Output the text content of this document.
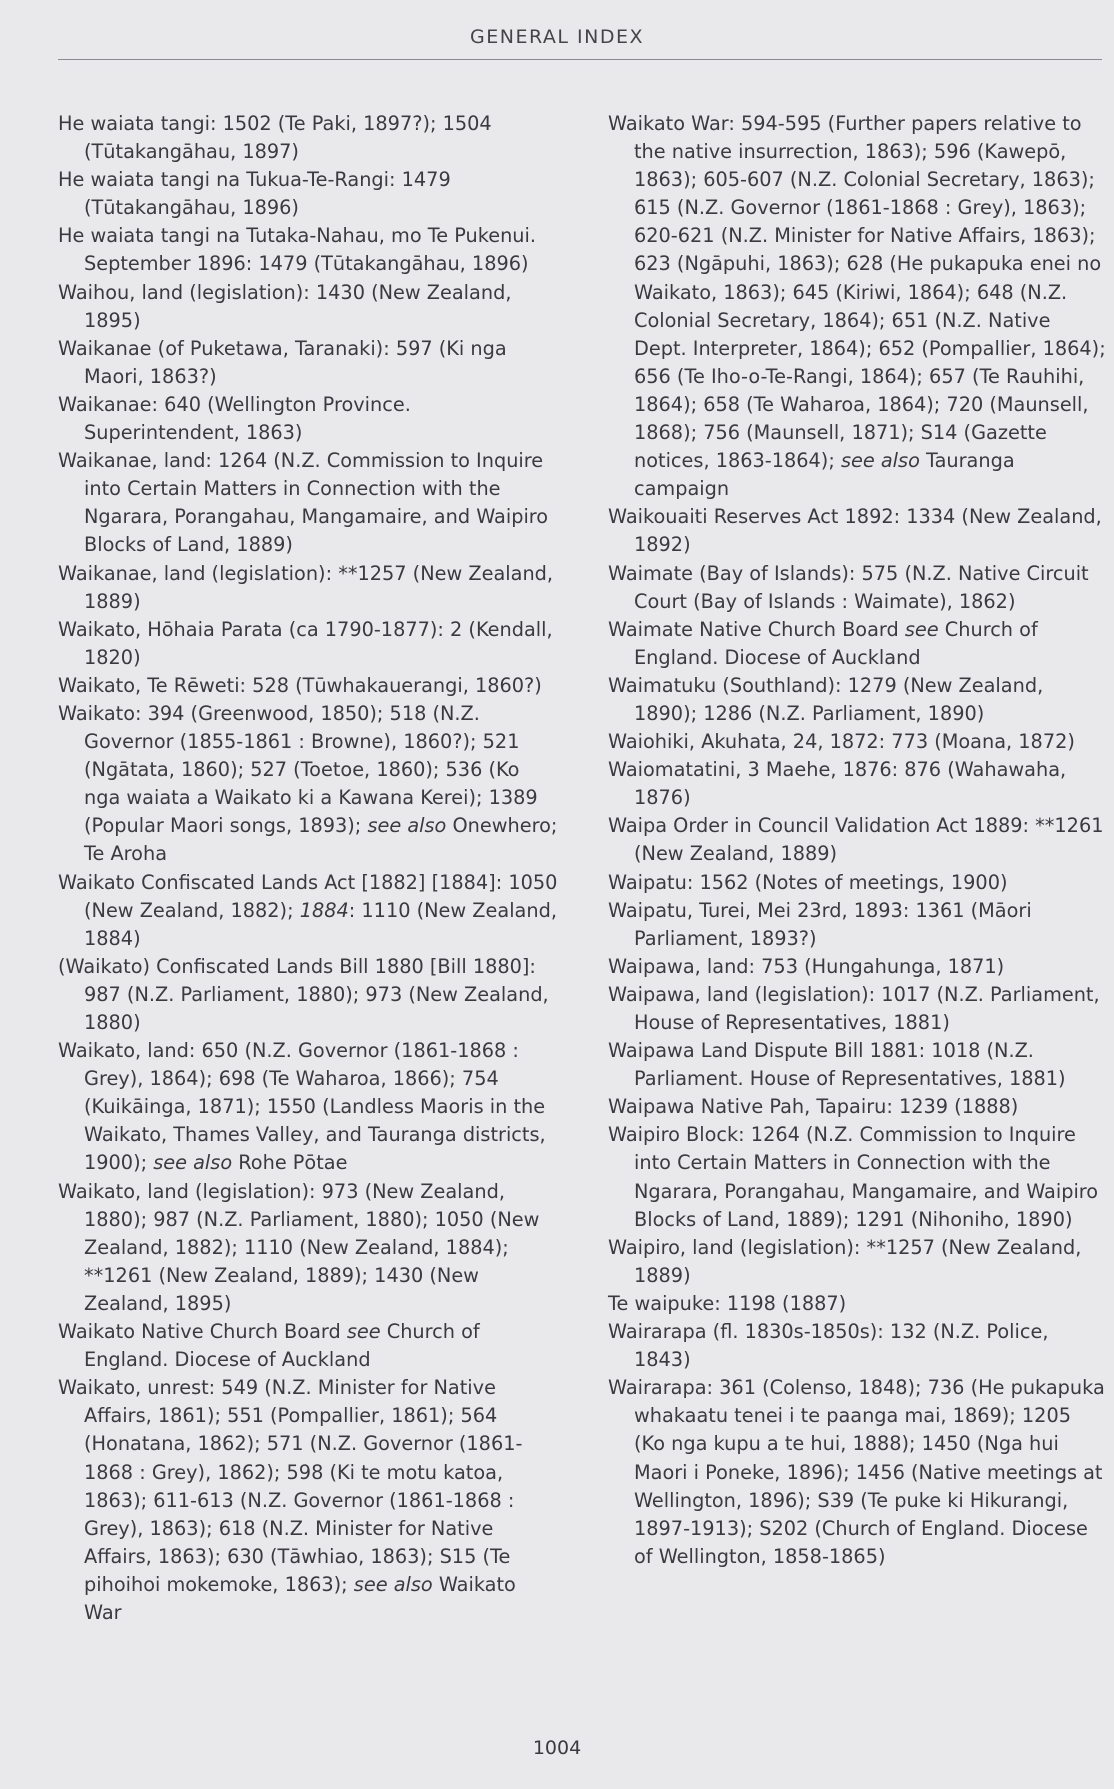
GENERAL INDEX
He waiata tangi: 1502 (Te Paki, 1897?); 1504 (Tūtakangāhau, 1897)
He waiata tangi na Tukua-Te-Rangi: 1479 (Tūtakangāhau, 1896)
He waiata tangi na Tutaka-Nahau, mo Te Pukenui. September 1896: 1479 (Tūtakangāhau, 1896)
Waihou, land (legislation): 1430 (New Zealand, 1895)
Waikanae (of Puketawa, Taranaki): 597 (Ki nga Maori, 1863?)
Waikanae: 640 (Wellington Province. Superintendent, 1863)
Waikanae, land: 1264 (N.Z. Commission to Inquire into Certain Matters in Connection with the Ngarara, Porangahau, Mangamaire, and Waipiro Blocks of Land, 1889)
Waikanae, land (legislation): **1257 (New Zealand, 1889)
Waikato, Hōhaia Parata (ca 1790-1877): 2 (Kendall, 1820)
Waikato, Te Rēweti: 528 (Tūwhakauerangi, 1860?)
Waikato: 394 (Greenwood, 1850); 518 (N.Z. Governor (1855-1861 : Browne), 1860?); 521 (Ngātata, 1860); 527 (Toetoe, 1860); 536 (Ko nga waiata a Waikato ki a Kawana Kerei); 1389 (Popular Maori songs, 1893); see also Onewhero; Te Aroha
Waikato Confiscated Lands Act [1882] [1884]: 1050 (New Zealand, 1882); 1884: 1110 (New Zealand, 1884)
(Waikato) Confiscated Lands Bill 1880 [Bill 1880]: 987 (N.Z. Parliament, 1880); 973 (New Zealand, 1880)
Waikato, land: 650 (N.Z. Governor (1861-1868 : Grey), 1864); 698 (Te Waharoa, 1866); 754 (Kuikāinga, 1871); 1550 (Landless Maoris in the Waikato, Thames Valley, and Tauranga districts, 1900); see also Rohe Pōtae
Waikato, land (legislation): 973 (New Zealand, 1880); 987 (N.Z. Parliament, 1880); 1050 (New Zealand, 1882); 1110 (New Zealand, 1884); **1261 (New Zealand, 1889); 1430 (New Zealand, 1895)
Waikato Native Church Board see Church of England. Diocese of Auckland
Waikato, unrest: 549 (N.Z. Minister for Native Affairs, 1861); 551 (Pompallier, 1861); 564 (Honatana, 1862); 571 (N.Z. Governor (1861-1868 : Grey), 1862); 598 (Ki te motu katoa, 1863); 611-613 (N.Z. Governor (1861-1868 : Grey), 1863); 618 (N.Z. Minister for Native Affairs, 1863); 630 (Tāwhiao, 1863); S15 (Te pihoihoi mokemoke, 1863); see also Waikato War
Waikato War: 594-595 (Further papers relative to the native insurrection, 1863); 596 (Kawepō, 1863); 605-607 (N.Z. Colonial Secretary, 1863); 615 (N.Z. Governor (1861-1868 : Grey), 1863); 620-621 (N.Z. Minister for Native Affairs, 1863); 623 (Ngāpuhi, 1863); 628 (He pukapuka enei no Waikato, 1863); 645 (Kiriwi, 1864); 648 (N.Z. Colonial Secretary, 1864); 651 (N.Z. Native Dept. Interpreter, 1864); 652 (Pompallier, 1864); 656 (Te Iho-o-Te-Rangi, 1864); 657 (Te Rauhihi, 1864); 658 (Te Waharoa, 1864); 720 (Maunsell, 1868); 756 (Maunsell, 1871); S14 (Gazette notices, 1863-1864); see also Tauranga campaign
Waikouaiti Reserves Act 1892: 1334 (New Zealand, 1892)
Waimate (Bay of Islands): 575 (N.Z. Native Circuit Court (Bay of Islands : Waimate), 1862)
Waimate Native Church Board see Church of England. Diocese of Auckland
Waimatuku (Southland): 1279 (New Zealand, 1890); 1286 (N.Z. Parliament, 1890)
Waiohiki, Akuhata, 24, 1872: 773 (Moana, 1872)
Waiomatatini, 3 Maehe, 1876: 876 (Wahawaha, 1876)
Waipa Order in Council Validation Act 1889: **1261 (New Zealand, 1889)
Waipatu: 1562 (Notes of meetings, 1900)
Waipatu, Turei, Mei 23rd, 1893: 1361 (Māori Parliament, 1893?)
Waipawa, land: 753 (Hungahunga, 1871)
Waipawa, land (legislation): 1017 (N.Z. Parliament, House of Representatives, 1881)
Waipawa Land Dispute Bill 1881: 1018 (N.Z. Parliament. House of Representatives, 1881)
Waipawa Native Pah, Tapairu: 1239 (1888)
Waipiro Block: 1264 (N.Z. Commission to Inquire into Certain Matters in Connection with the Ngarara, Porangahau, Mangamaire, and Waipiro Blocks of Land, 1889); 1291 (Nihoniho, 1890)
Waipiro, land (legislation): **1257 (New Zealand, 1889)
Te waipuke: 1198 (1887)
Wairarapa (fl. 1830s-1850s): 132 (N.Z. Police, 1843)
Wairarapa: 361 (Colenso, 1848); 736 (He pukapuka whakaatu tenei i te paanga mai, 1869); 1205 (Ko nga kupu a te hui, 1888); 1450 (Nga hui Maori i Poneke, 1896); 1456 (Native meetings at Wellington, 1896); S39 (Te puke ki Hikurangi, 1897-1913); S202 (Church of England. Diocese of Wellington, 1858-1865)
1004
